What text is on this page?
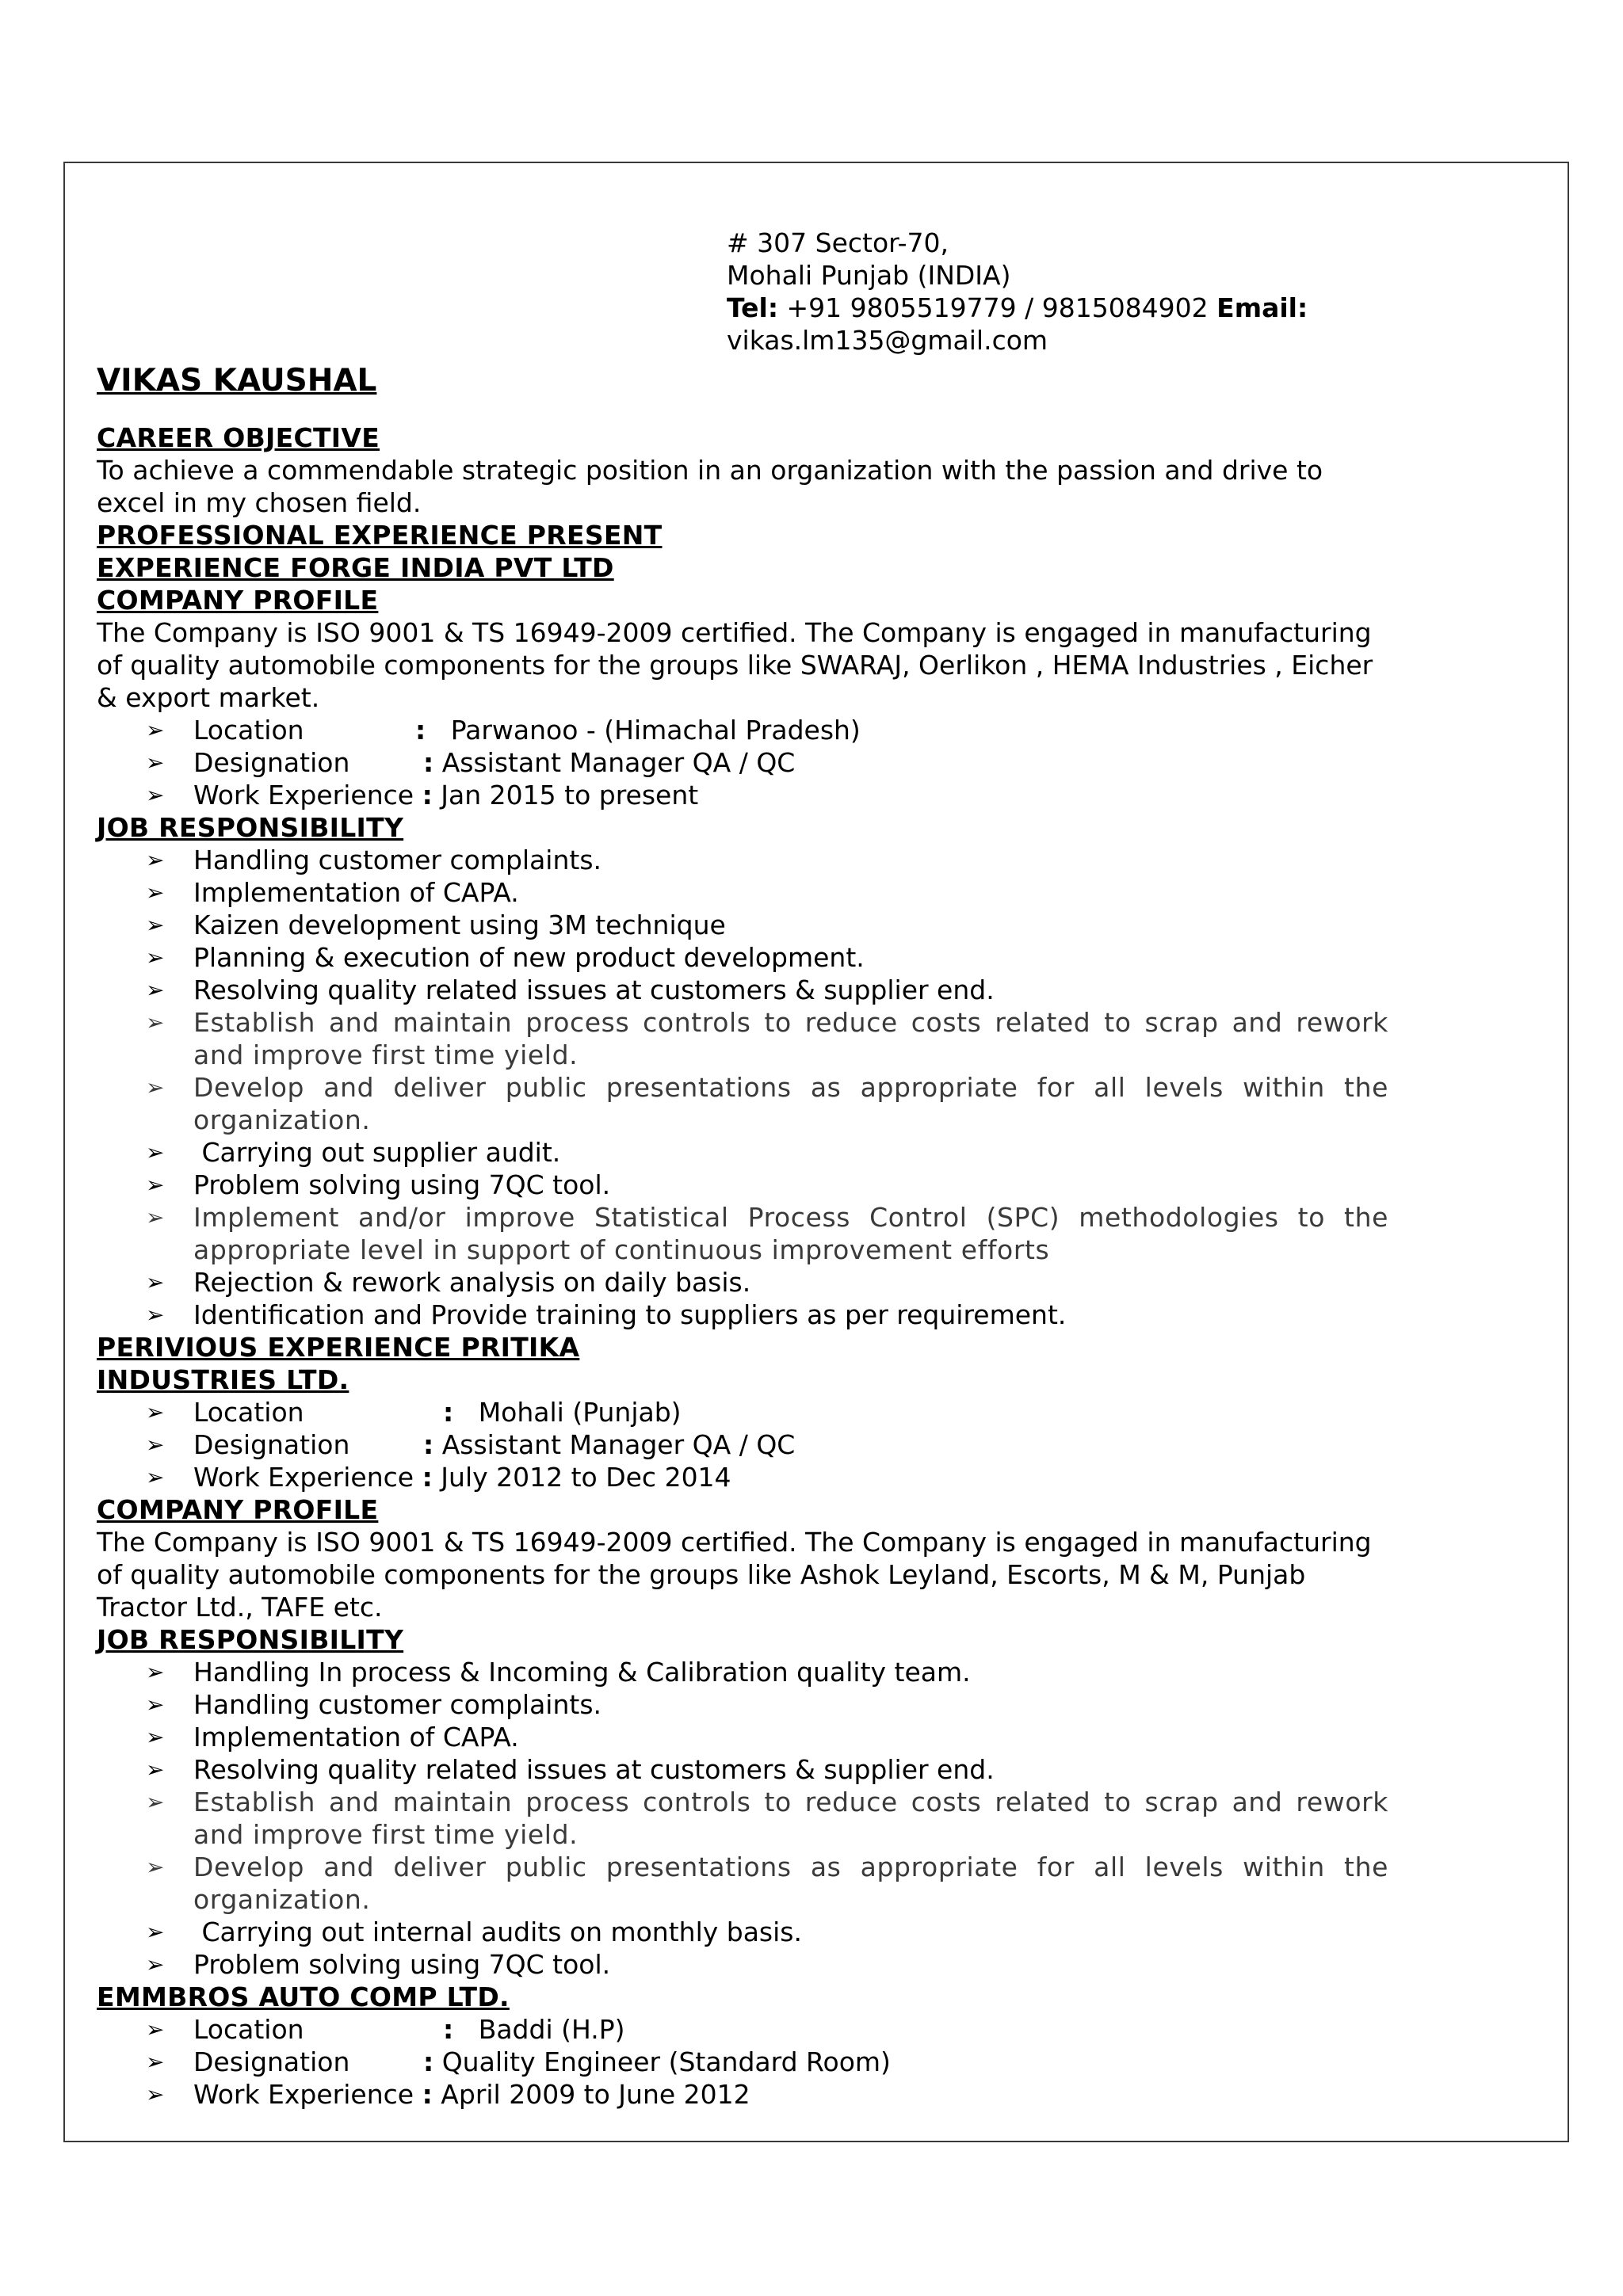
# 307 Sector-70,
Mohali Punjab (INDIA)
Tel: +91 9805519779 / 9815084902 Email:
vikas.lm135@gmail.com
VIKAS KAUSHAL
CAREER OBJECTIVE
To achieve a commendable strategic position in an organization with the passion and drive to excel in my chosen field.
PROFESSIONAL EXPERIENCE PRESENT
EXPERIENCE FORGE INDIA PVT LTD
COMPANY PROFILE
The Company is ISO 9001 & TS 16949-2009 certified. The Company is engaged in manufacturing of quality automobile components for the groups like SWARAJ, Oerlikon , HEMA Industries , Eicher & export market.
➢ Location	: Parwanoo - (Himachal Pradesh)
➢ Designation	: Assistant Manager QA / QC
➢ Work Experience : Jan 2015 to present
JOB RESPONSIBILITY
➢ Handling customer complaints.
➢ Implementation of CAPA.
➢ Kaizen development using 3M technique
➢ Planning & execution of new product development.
➢ Resolving quality related issues at customers & supplier end.
➢ Establish and maintain process controls to reduce costs related to scrap and rework and improve first time yield.
➢ Develop and deliver public presentations as appropriate for all levels within the organization.
➢ Carrying out supplier audit.
➢ Problem solving using 7QC tool.
➢ Implement and/or improve Statistical Process Control (SPC) methodologies to the appropriate level in support of continuous improvement efforts
➢ Rejection & rework analysis on daily basis.
➢ Identification and Provide training to suppliers as per requirement.
PERIVIOUS EXPERIENCE PRITIKA
INDUSTRIES LTD.
➢ Location	: Mohali (Punjab)
➢ Designation	: Assistant Manager QA / QC
➢ Work Experience : July 2012 to Dec 2014
COMPANY PROFILE
The Company is ISO 9001 & TS 16949-2009 certified. The Company is engaged in manufacturing of quality automobile components for the groups like Ashok Leyland, Escorts, M & M, Punjab Tractor Ltd., TAFE etc.
JOB RESPONSIBILITY
➢ Handling In process & Incoming & Calibration quality team.
➢ Handling customer complaints.
➢ Implementation of CAPA.
➢ Resolving quality related issues at customers & supplier end.
➢ Establish and maintain process controls to reduce costs related to scrap and rework and improve first time yield.
➢ Develop and deliver public presentations as appropriate for all levels within the organization.
➢ Carrying out internal audits on monthly basis.
➢ Problem solving using 7QC tool.
EMMBROS AUTO COMP LTD.
➢ Location	: Baddi (H.P)
➢ Designation	: Quality Engineer (Standard Room)
➢ Work Experience : April 2009 to June 2012
